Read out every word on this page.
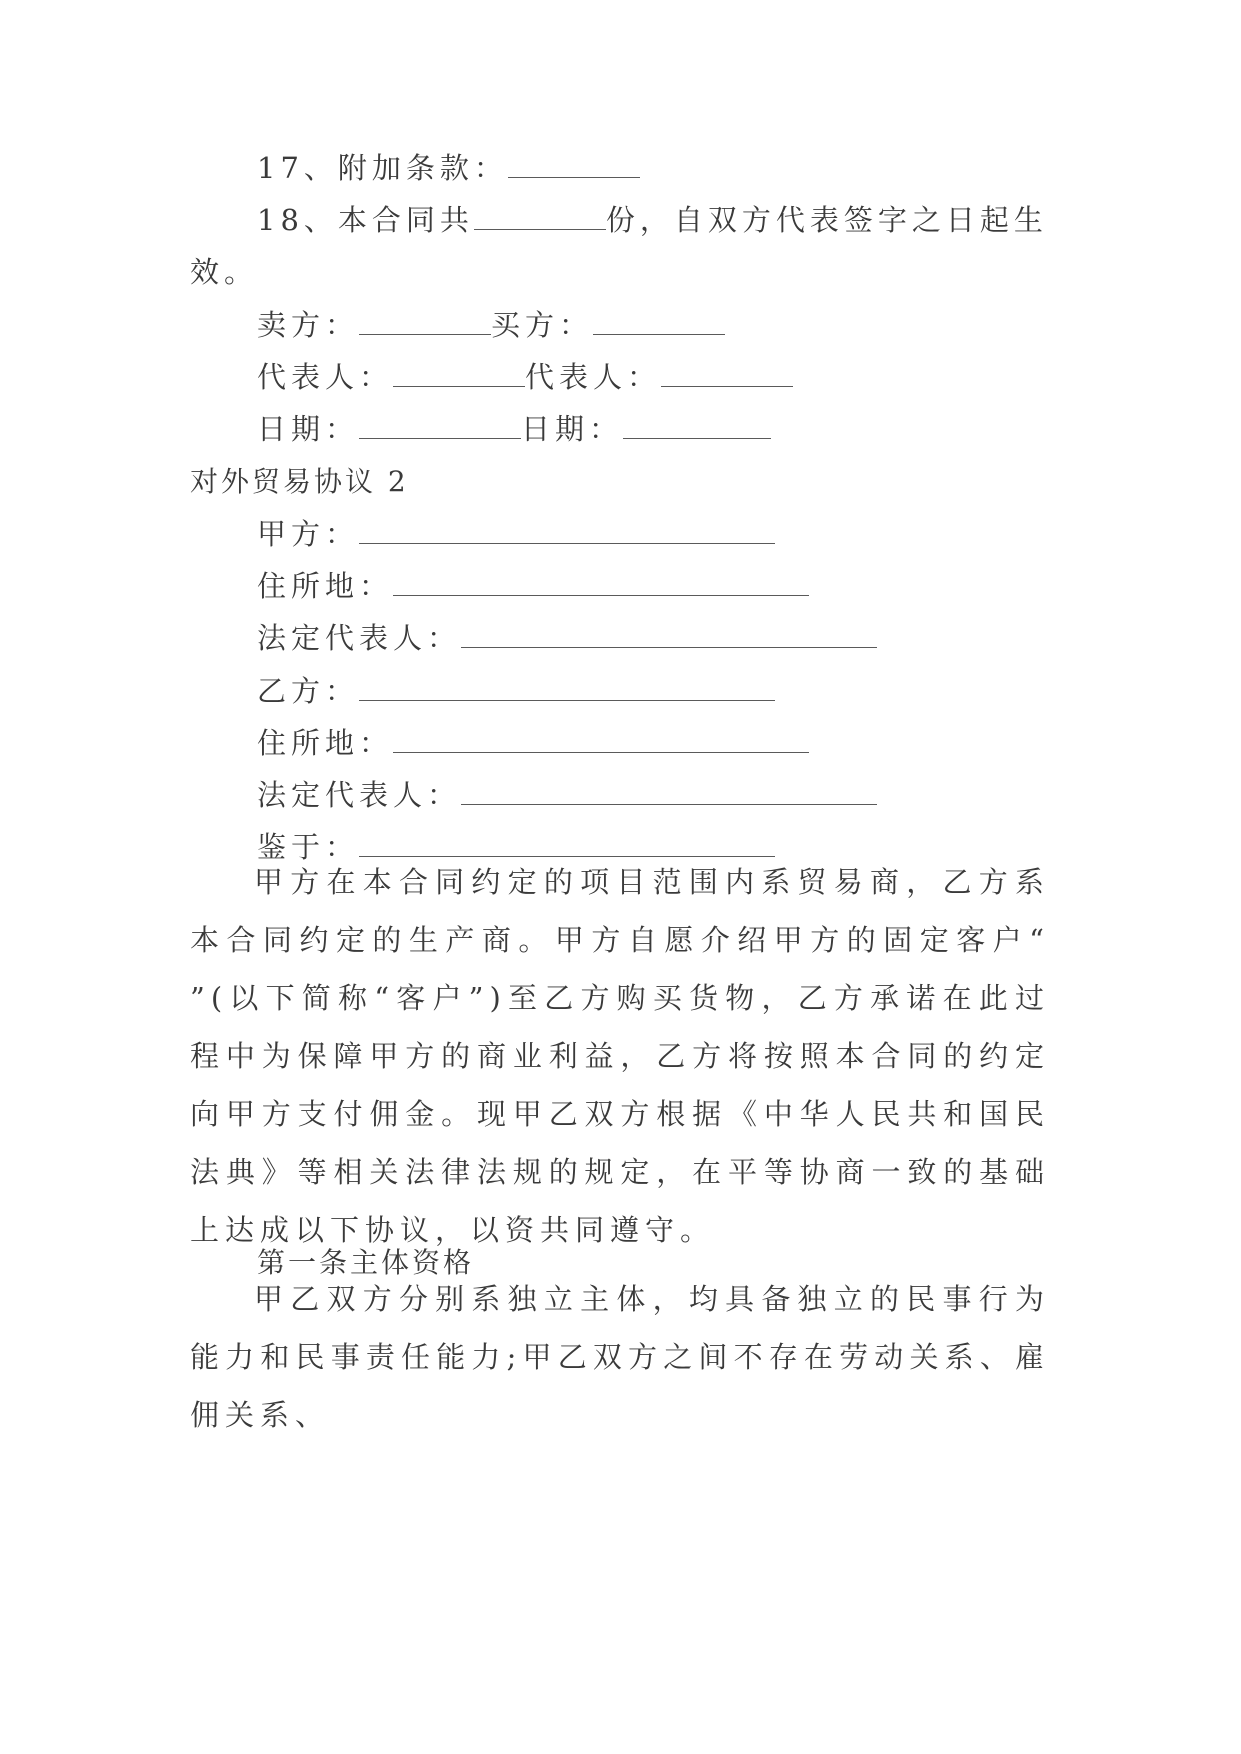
17、附加条款：
18、本合同共	份，自双方代表签字之日起生
效。
卖方：	买方：
代表人：	代表人：
日期：	日期：
对外贸易协议 2
甲方：
住所地：
法定代表人：
乙方：
住所地：
法定代表人：
鉴于：

甲方在本合同约定的项目范围内系贸易商，乙方系本合同约定的生产商。甲方自愿介绍甲方的固定客户“ ”(以下简称“客户”)至乙方购买货物，乙方承诺在此过程中为保障甲方的商业利益，乙方将按照本合同的约定向甲方支付佣金。现甲乙双方根据《中华人民共和国民法典》等相关法律法规的规定，在平等协商一致的基础上达成以下协议，以资共同遵守。

第一条主体资格

甲乙双方分别系独立主体，均具备独立的民事行为能力和民事责任能力;甲乙双方之间不存在劳动关系、雇佣关系、
